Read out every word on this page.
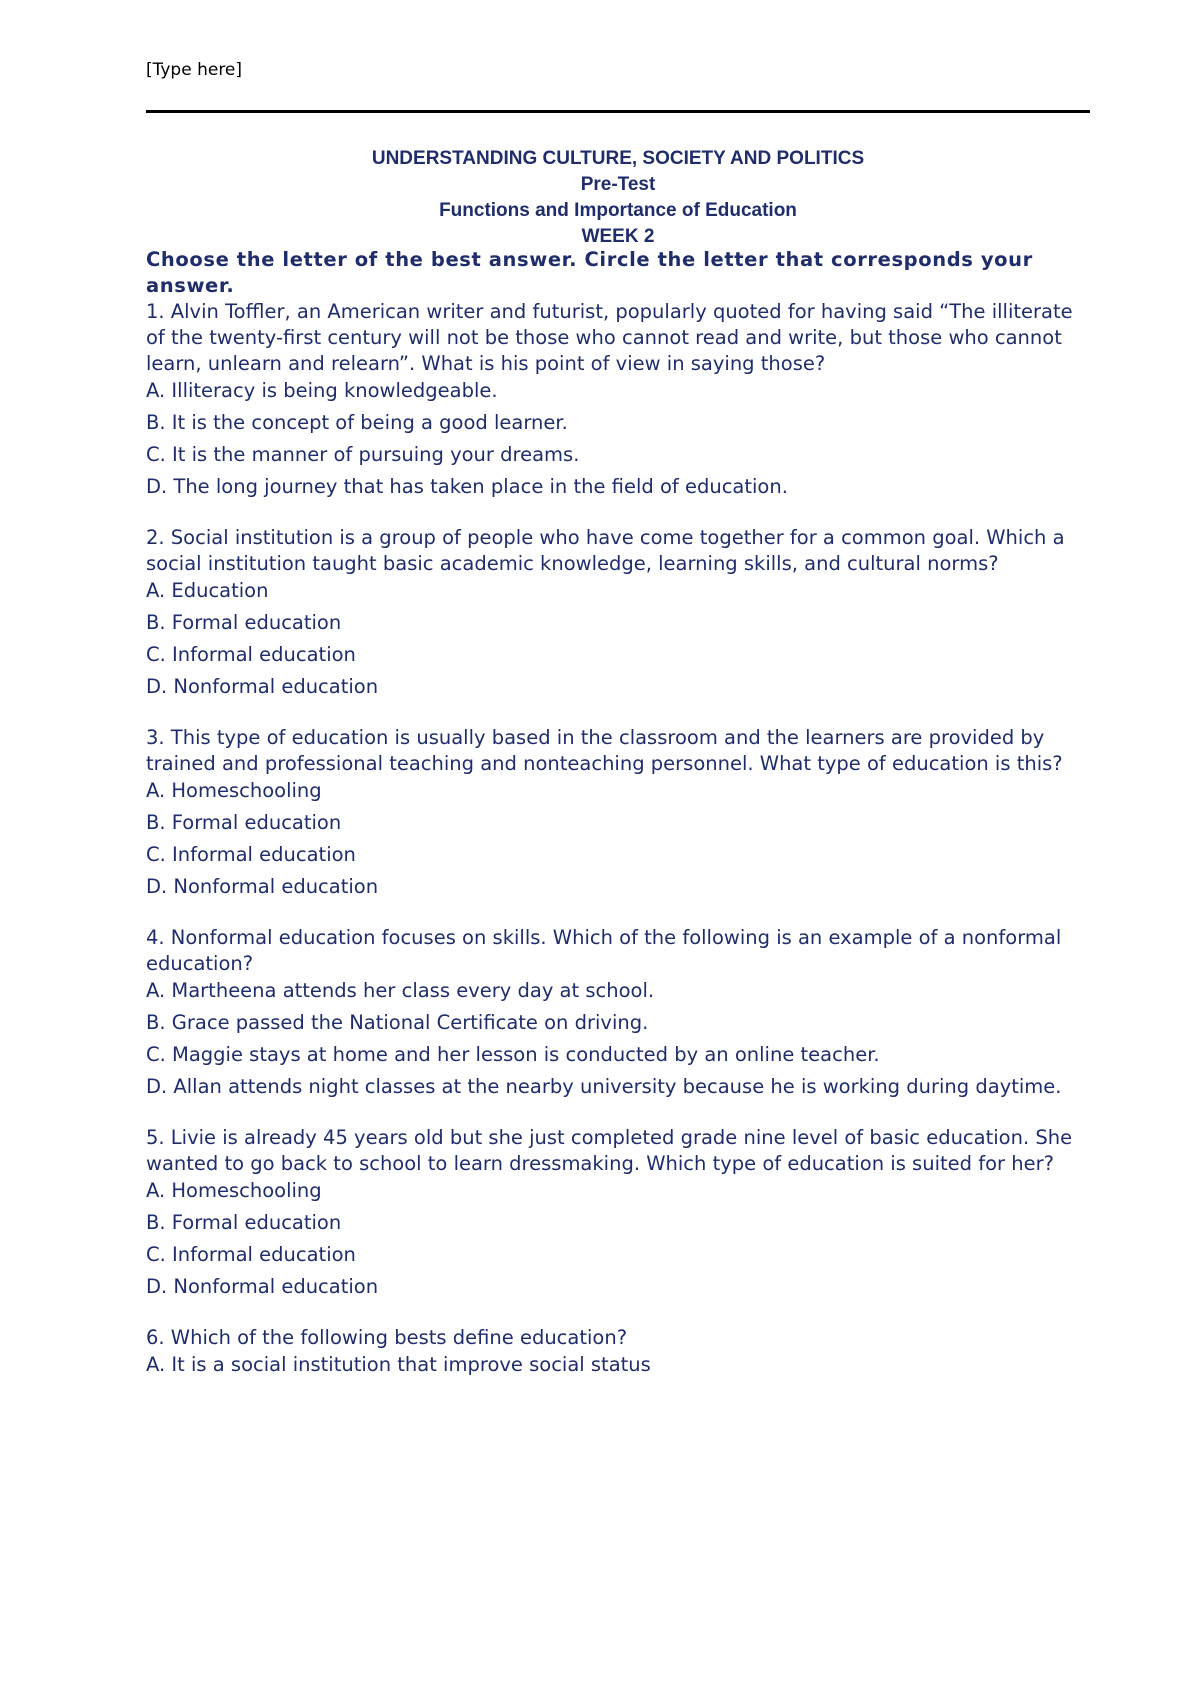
[Type here]
UNDERSTANDING CULTURE, SOCIETY AND POLITICS
Pre-Test
Functions and Importance of Education
WEEK 2
Choose the letter of the best answer. Circle the letter that corresponds your answer.
1. Alvin Toffler, an American writer and futurist, popularly quoted for having said “The illiterate of the twenty-first century will not be those who cannot read and write, but those who cannot learn, unlearn and relearn”. What is his point of view in saying those?
A. Illiteracy is being knowledgeable.
B. It is the concept of being a good learner.
C. It is the manner of pursuing your dreams.
D. The long journey that has taken place in the field of education.
2. Social institution is a group of people who have come together for a common goal. Which a social institution taught basic academic knowledge, learning skills, and cultural norms?
A. Education
B. Formal education
C. Informal education
D. Nonformal education
3. This type of education is usually based in the classroom and the learners are provided by trained and professional teaching and nonteaching personnel. What type of education is this?
A. Homeschooling
B. Formal education
C. Informal education
D. Nonformal education
4. Nonformal education focuses on skills. Which of the following is an example of a nonformal education?
A. Martheena attends her class every day at school.
B. Grace passed the National Certificate on driving.
C. Maggie stays at home and her lesson is conducted by an online teacher.
D. Allan attends night classes at the nearby university because he is working during daytime.
5. Livie is already 45 years old but she just completed grade nine level of basic education. She wanted to go back to school to learn dressmaking. Which type of education is suited for her?
A. Homeschooling
B. Formal education
C. Informal education
D. Nonformal education
6. Which of the following bests define education?
A. It is a social institution that improve social status
